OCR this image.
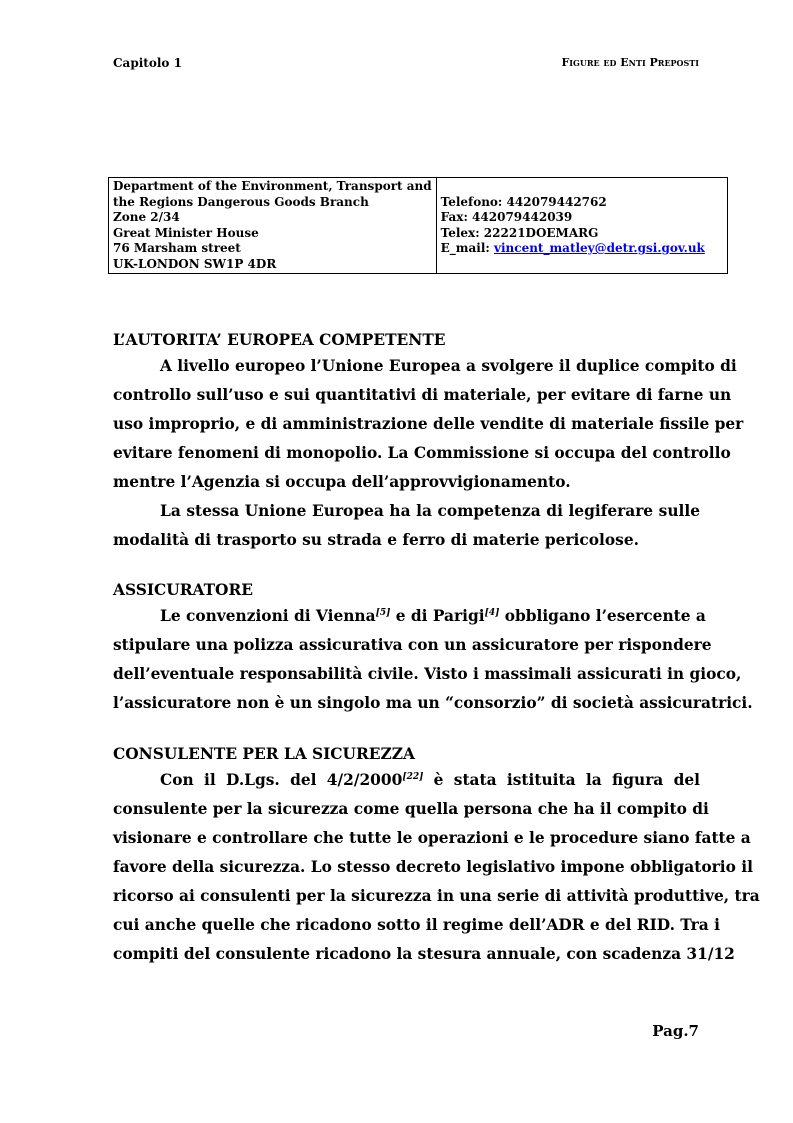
Capitolo 1	Figure ed Enti Preposti
Department of the Environment, Transport and
the Regions Dangerous Goods Branch
Zone 2/34
Great Minister House
76 Marsham street
UK-LONDON SW1P 4DR

Telefono: 442079442762
Fax: 442079442039
Telex: 22221DOEMARG
E_mail: vincent_matley@detr.gsi.gov.uk
L’AUTORITA’ EUROPEA COMPETENTE
A livello europeo l’Unione Europea a svolgere il duplice compito di
controllo sull’uso e sui quantitativi di materiale, per evitare di farne un
uso improprio, e di amministrazione delle vendite di materiale fissile per
evitare fenomeni di monopolio. La Commissione si occupa del controllo
mentre l’Agenzia si occupa dell’approvvigionamento.
La stessa Unione Europea ha la competenza di legiferare sulle
modalità di trasporto su strada e ferro di materie pericolose.
ASSICURATORE
Le convenzioni di Vienna[5] e di Parigi[4] obbligano l’esercente a
stipulare una polizza assicurativa con un assicuratore per rispondere
dell’eventuale responsabilità civile. Visto i massimali assicurati in gioco,
l’assicuratore non è un singolo ma un “consorzio” di società assicuratrici.
CONSULENTE PER LA SICUREZZA
Con il D.Lgs. del 4/2/2000[22] è stata istituita la figura del
consulente per la sicurezza come quella persona che ha il compito di
visionare e controllare che tutte le operazioni e le procedure siano fatte a
favore della sicurezza. Lo stesso decreto legislativo impone obbligatorio il
ricorso ai consulenti per la sicurezza in una serie di attività produttive, tra
cui anche quelle che ricadono sotto il regime dell’ADR e del RID. Tra i
compiti del consulente ricadono la stesura annuale, con scadenza 31/12
Pag.7
